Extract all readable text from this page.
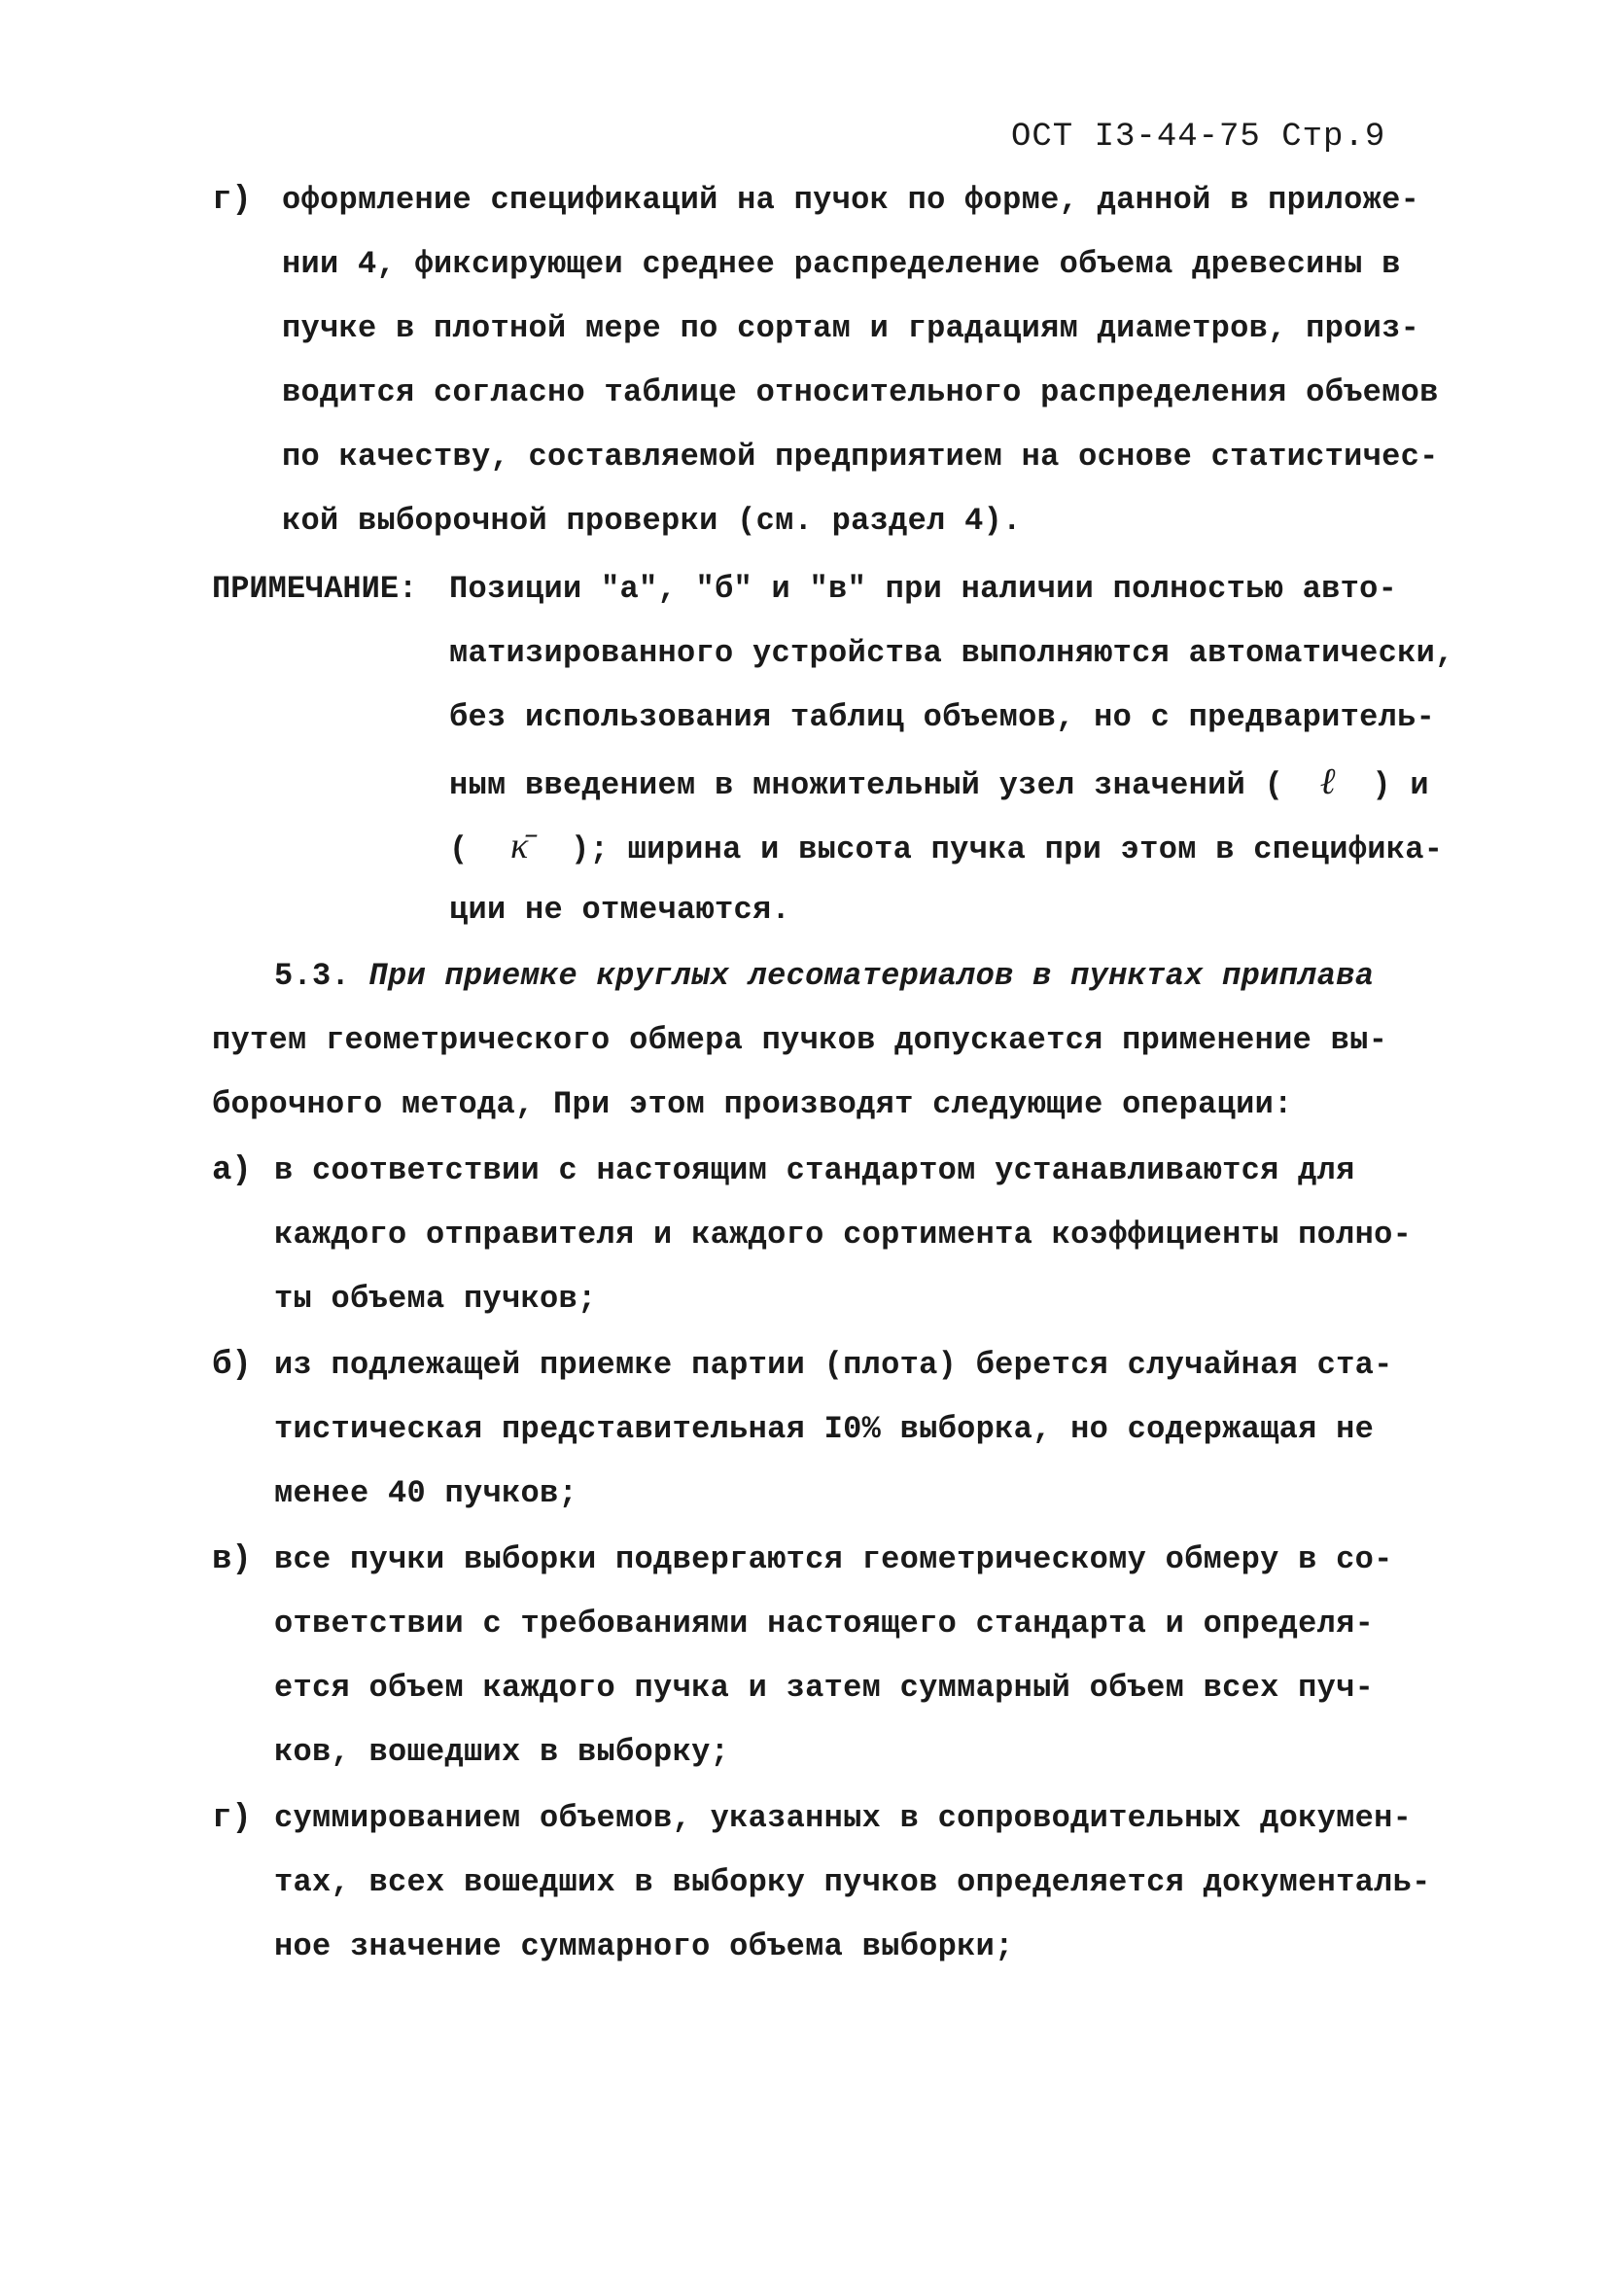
ОСТ I3-44-75 Стр.9
г) оформление спецификаций на пучок по форме, данной в приложе-
нии 4, фиксирующеи среднее распределение объема древесины в
пучке в плотной мере по сортам и градациям диаметров, произ-
водится согласно таблице относительного распределения объемов
по качеству, составляемой предприятием на основе статистичес-
кой выборочной проверки (см. раздел 4).
ПРИМЕЧАНИЕ: Позиции "а", "б" и "в" при наличии полностью авто-
матизированного устройства выполняются автоматически,
без использования таблиц объемов, но с предваритель-
ным введением в множительный узел значений ( ℓ ) и
( κ̄ ); ширина и высота пучка при этом в специфика-
ции не отмечаются.
5.3. При приемке круглых лесоматериалов в пунктах приплава
путем геометрического обмера пучков допускается применение вы-
борочного метода, При этом производят следующие операции:
а) в соответствии с настоящим стандартом устанавливаются для
каждого отправителя и каждого сортимента коэффициенты полно-
ты объема пучков;
б) из подлежащей приемке партии (плота) берется случайная ста-
тистическая представительная I0% выборка, но содержащая не
менее 40 пучков;
в) все пучки выборки подвергаются геометрическому обмеру в со-
ответствии с требованиями настоящего стандарта и определя-
ется объем каждого пучка и затем суммарный объем всех пуч-
ков, вошедших в выборку;
г) суммированием объемов, указанных в сопроводительных докумен-
тах, всех вошедших в выборку пучков определяется документаль-
ное значение суммарного объема выборки;
